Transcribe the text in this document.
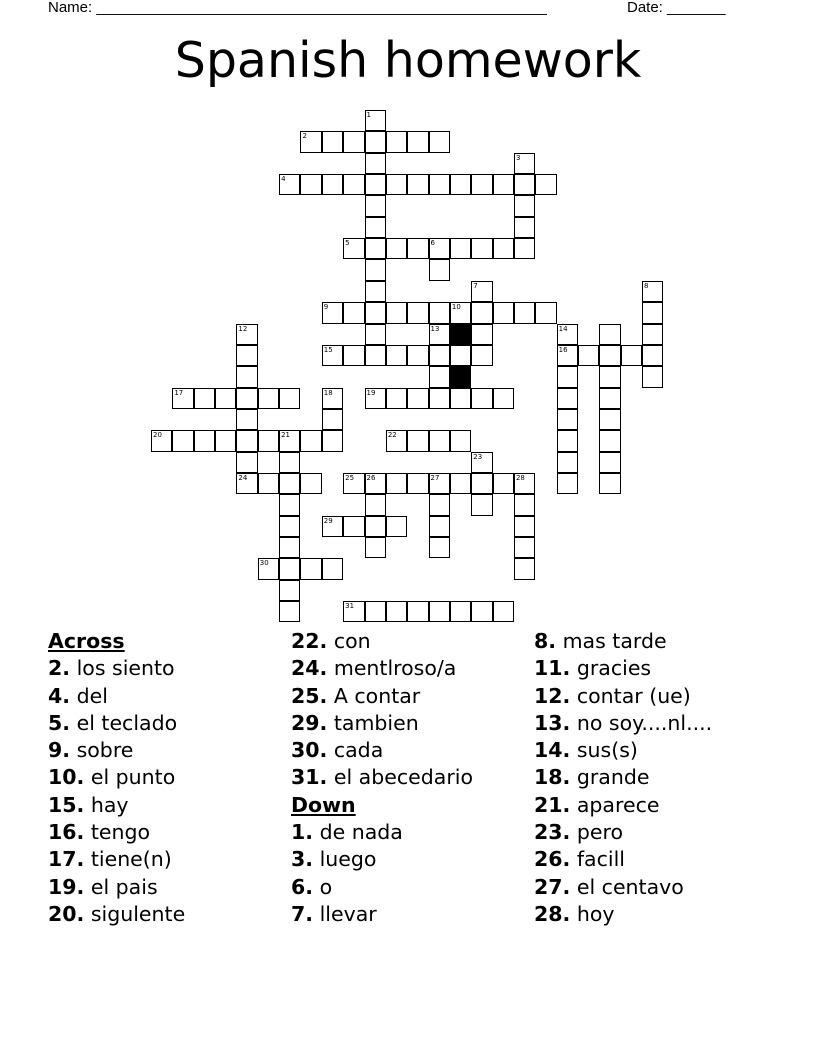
Name: ______________________________________________________	Date: _______
Spanish homework
1
2
3
4
5	6
7	8
9	10
12	13	14
16
15
17	18	19
20	21	22
23
24	25 26	27	28
29
30
31
Across
2. los siento
4. del
5. el teclado
9. sobre
10. el punto
15. hay
16. tengo
17. tiene(n)
19. el pais
20. sigulente
22. con
24. mentlroso/a
25. A contar
29. tambien
30. cada
31. el abecedario
Down
1. de nada
3. luego
6. o
7. llevar
8. mas tarde
11. gracies
12. contar (ue)
13. no soy....nl....
14. sus(s)
18. grande
21. aparece
23. pero
26. facill
27. el centavo
28. hoy
